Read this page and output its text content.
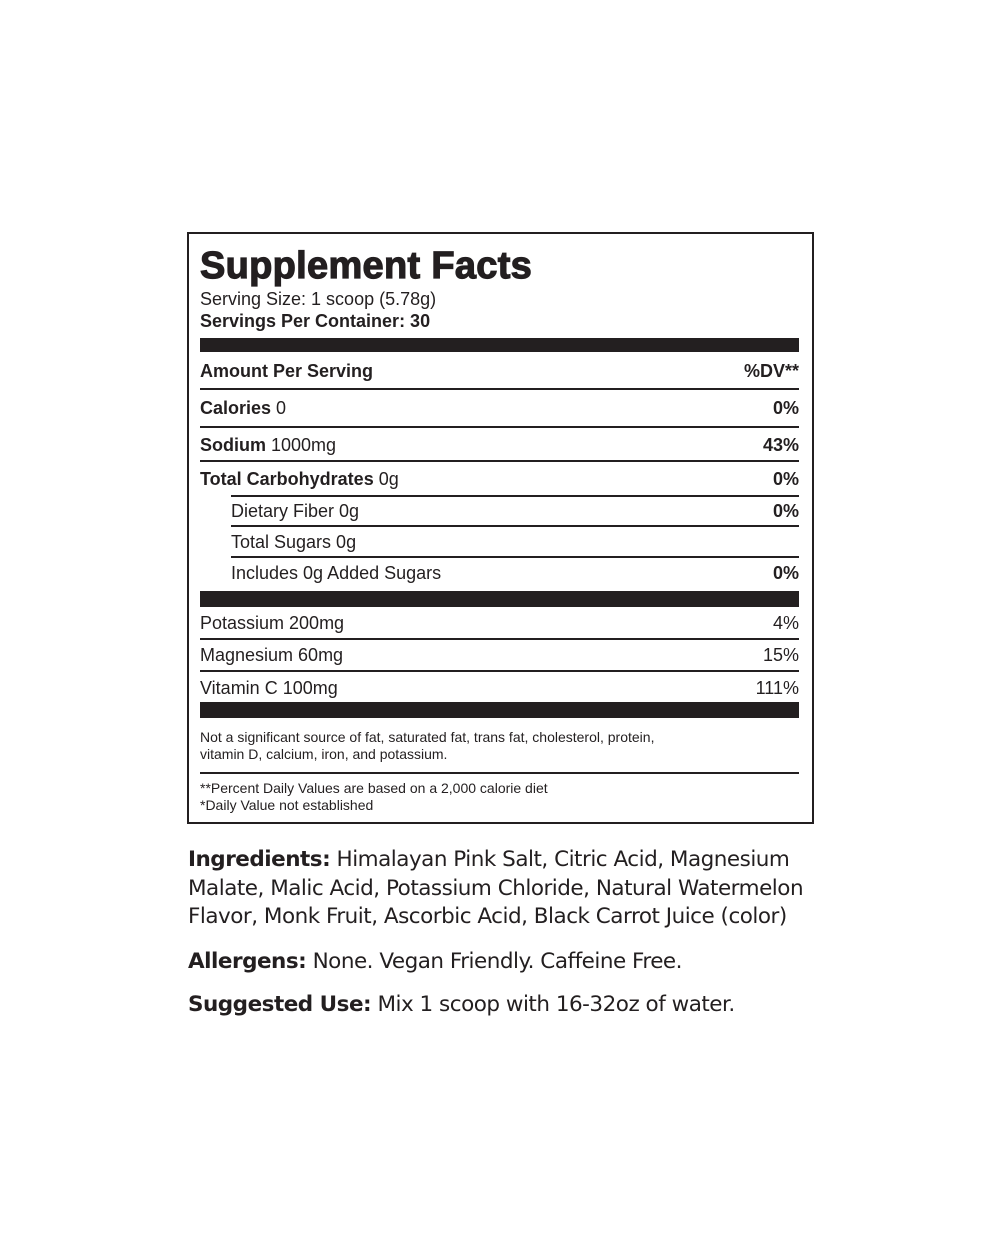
Supplement Facts
Serving Size: 1 scoop (5.78g)
Servings Per Container: 30
Amount Per Serving	%DV**
Calories 0	0%
Sodium 1000mg	43%
Total Carbohydrates 0g	0%
Dietary Fiber 0g	0%
Total Sugars 0g
Includes 0g Added Sugars	0%
Potassium 200mg	4%
Magnesium 60mg	15%
Vitamin C 100mg	111%
Not a significant source of fat, saturated fat, trans fat, cholesterol, protein,
vitamin D, calcium, iron, and potassium.
**Percent Daily Values are based on a 2,000 calorie diet
*Daily Value not established
Ingredients: Himalayan Pink Salt, Citric Acid, Magnesium
Malate, Malic Acid, Potassium Chloride, Natural Watermelon
Flavor, Monk Fruit, Ascorbic Acid, Black Carrot Juice (color)
Allergens: None. Vegan Friendly. Caffeine Free.
Suggested Use: Mix 1 scoop with 16-32oz of water.
